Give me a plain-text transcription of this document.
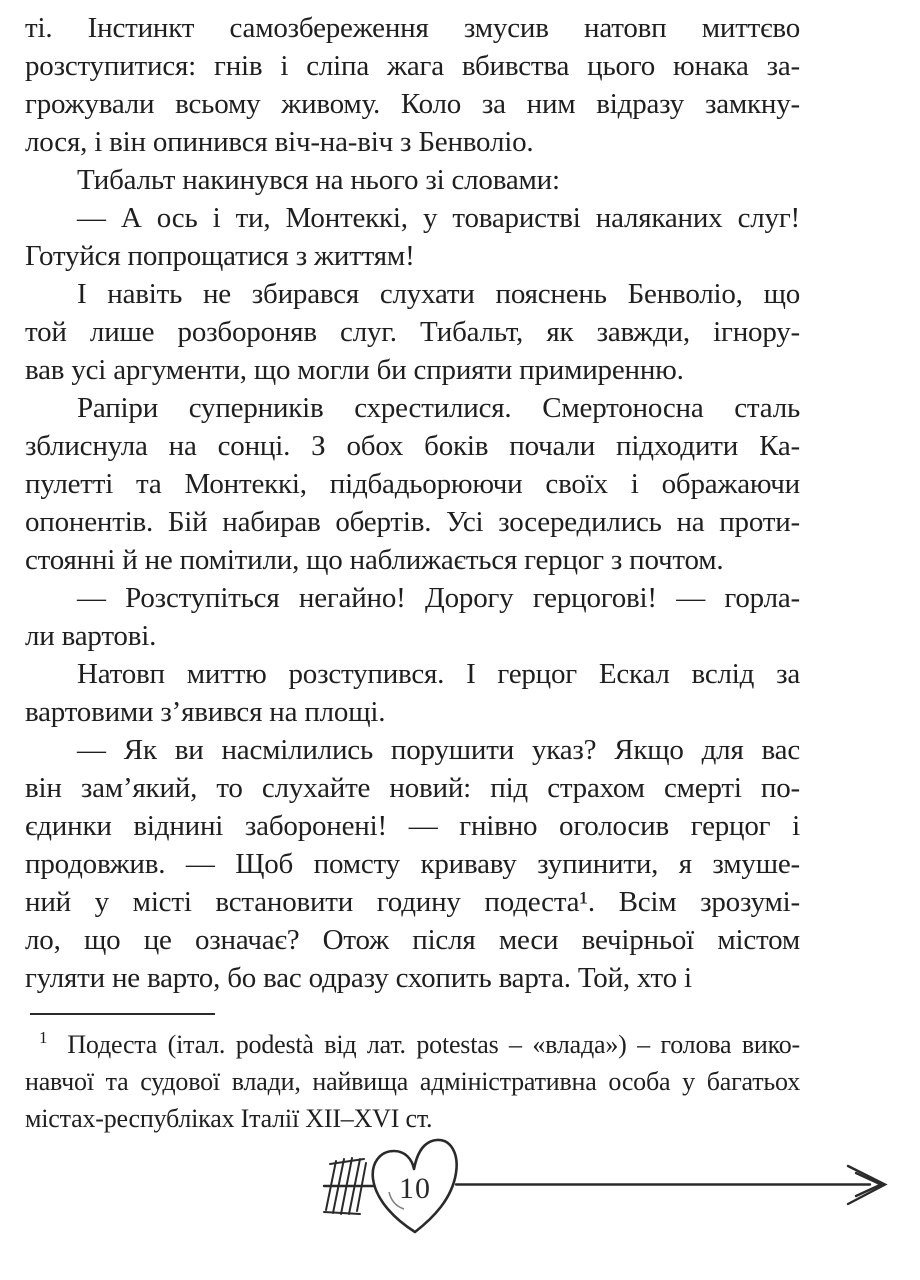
ті. Інстинкт самозбереження змусив натовп миттєво
розступитися: гнів і сліпа жага вбивства цього юнака за-
грожували всьому живому. Коло за ним відразу замкну-
лося, і він опинився віч-на-віч з Бенволіо.
Тибальт накинувся на нього зі словами:
— А ось і ти, Монтеккі, у товаристві наляканих слуг!
Готуйся попрощатися з життям!
І навіть не збирався слухати пояснень Бенволіо, що
той лише розбороняв слуг. Тибальт, як завжди, ігнору-
вав усі аргументи, що могли би сприяти примиренню.
Рапіри суперників схрестилися. Смертоносна сталь
зблиснула на сонці. З обох боків почали підходити Ка-
пулетті та Монтеккі, підбадьорюючи своїх і ображаючи
опонентів. Бій набирав обертів. Усі зосередились на проти-
стоянні й не помітили, що наближається герцог з почтом.
— Розступіться негайно! Дорогу герцогові! — горла-
ли вартові.
Натовп миттю розступився. І герцог Ескал вслід за
вартовими з’явився на площі.
— Як ви насмілились порушити указ? Якщо для вас
він зам’який, то слухайте новий: під страхом смерті по-
єдинки віднині заборонені! — гнівно оголосив герцог і
продовжив. — Щоб помсту криваву зупинити, я змуше-
ний у місті встановити годину подеста¹. Всім зрозумі-
ло, що це означає? Отож після меси вечірньої містом
гуляти не варто, бо вас одразу схопить варта. Той, хто і
$^1$ Подеста (італ. podestà від лат. potestas – «влада») – голова вико-
навчої та судової влади, найвища адміністративна особа у багатьох
містах-республіках Італії XII–XVI ст.
10
